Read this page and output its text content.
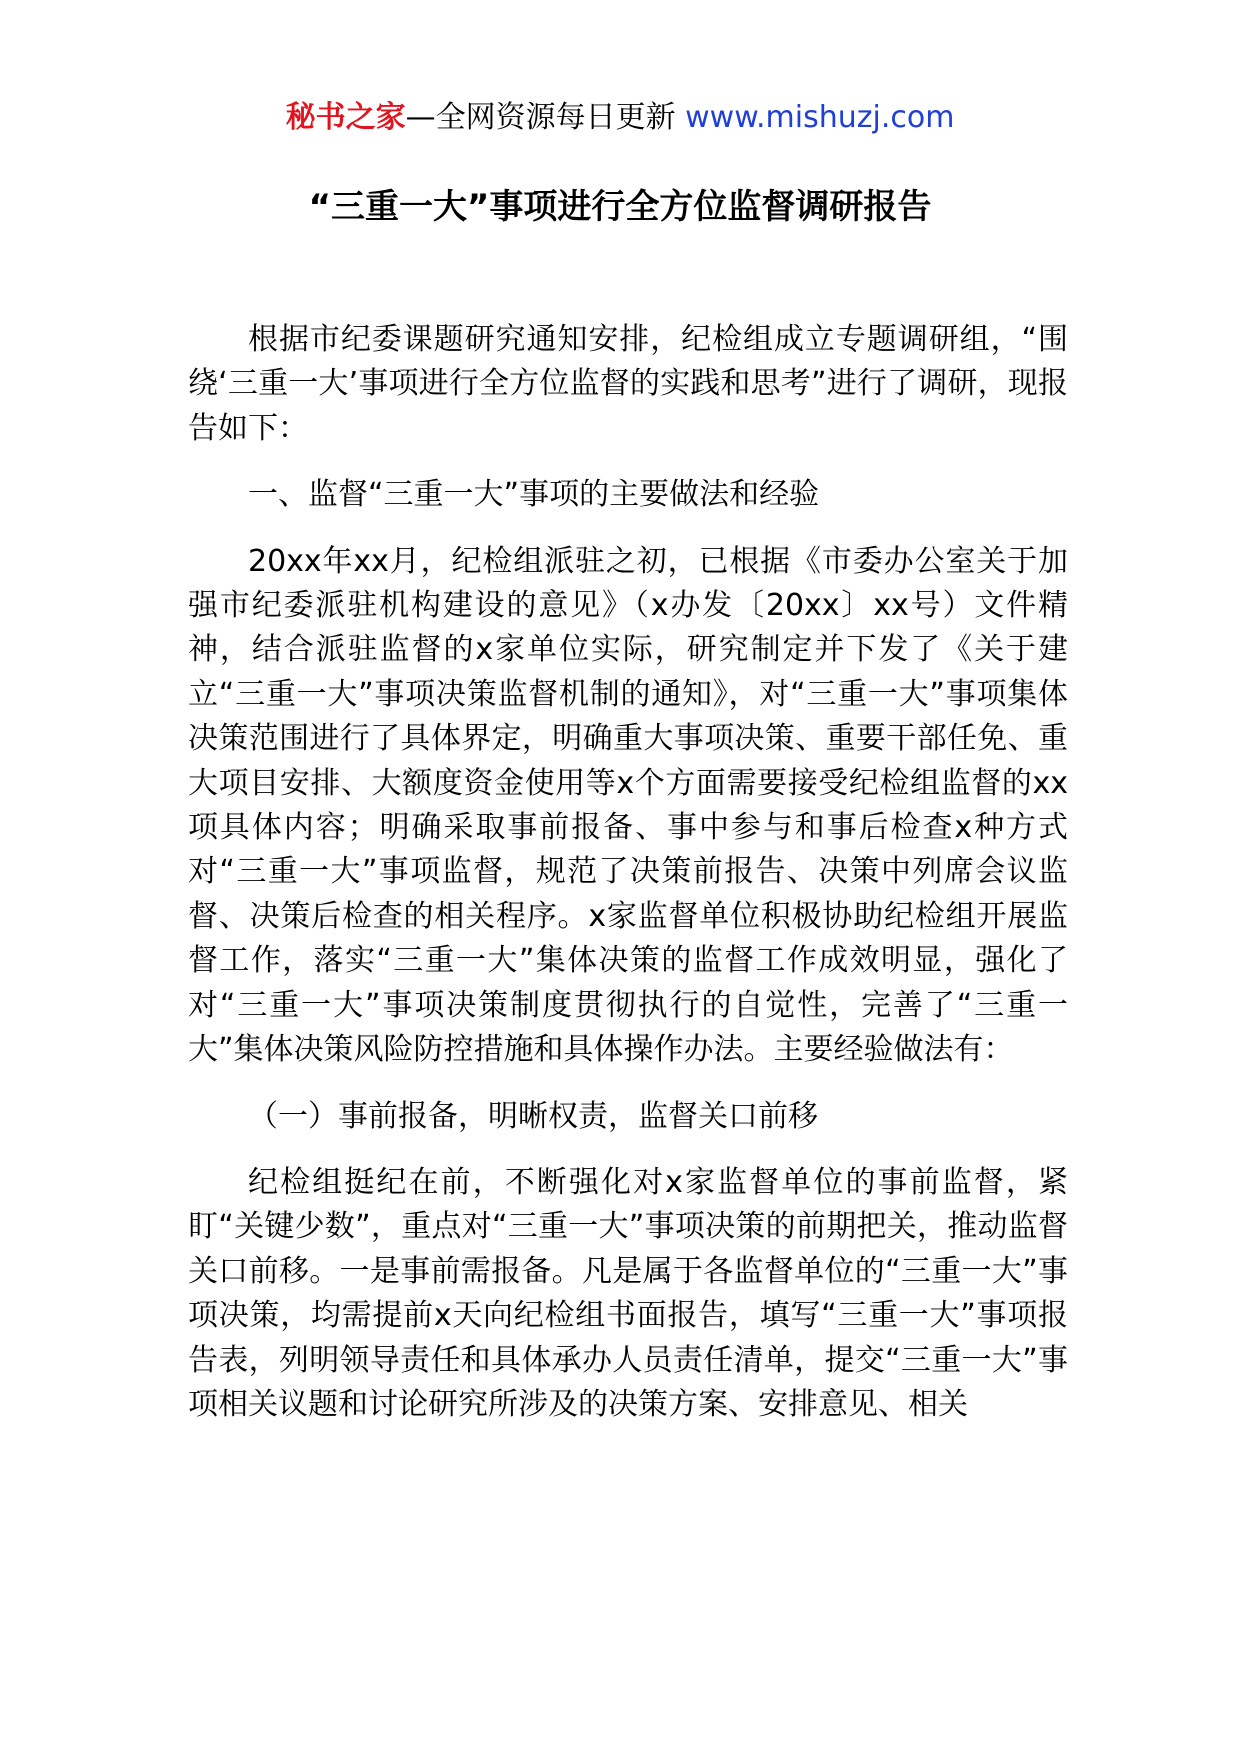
秘书之家—全网资源每日更新 www.mishuzj.com
“三重一大”事项进行全方位监督调研报告

根据市纪委课题研究通知安排，纪检组成立专题调研组，“围绕‘三重一大’事项进行全方位监督的实践和思考”进行了调研，现报告如下：

一、监督“三重一大”事项的主要做法和经验

20xx年xx月，纪检组派驻之初，已根据《市委办公室关于加强市纪委派驻机构建设的意见》（x办发〔20xx〕xx号）文件精神，结合派驻监督的x家单位实际，研究制定并下发了《关于建立“三重一大”事项决策监督机制的通知》，对“三重一大”事项集体决策范围进行了具体界定，明确重大事项决策、重要干部任免、重大项目安排、大额度资金使用等x个方面需要接受纪检组监督的xx项具体内容；明确采取事前报备、事中参与和事后检查x种方式对“三重一大”事项监督，规范了决策前报告、决策中列席会议监督、决策后检查的相关程序。x家监督单位积极协助纪检组开展监督工作，落实“三重一大”集体决策的监督工作成效明显，强化了对“三重一大”事项决策制度贯彻执行的自觉性，完善了“三重一大”集体决策风险防控措施和具体操作办法。主要经验做法有：

（一）事前报备，明晰权责，监督关口前移

纪检组挺纪在前，不断强化对x家监督单位的事前监督，紧盯“关键少数”，重点对“三重一大”事项决策的前期把关，推动监督关口前移。一是事前需报备。凡是属于各监督单位的“三重一大”事项决策，均需提前x天向纪检组书面报告，填写“三重一大”事项报告表，列明领导责任和具体承办人员责任清单，提交“三重一大”事项相关议题和讨论研究所涉及的决策方案、安排意见、相关
